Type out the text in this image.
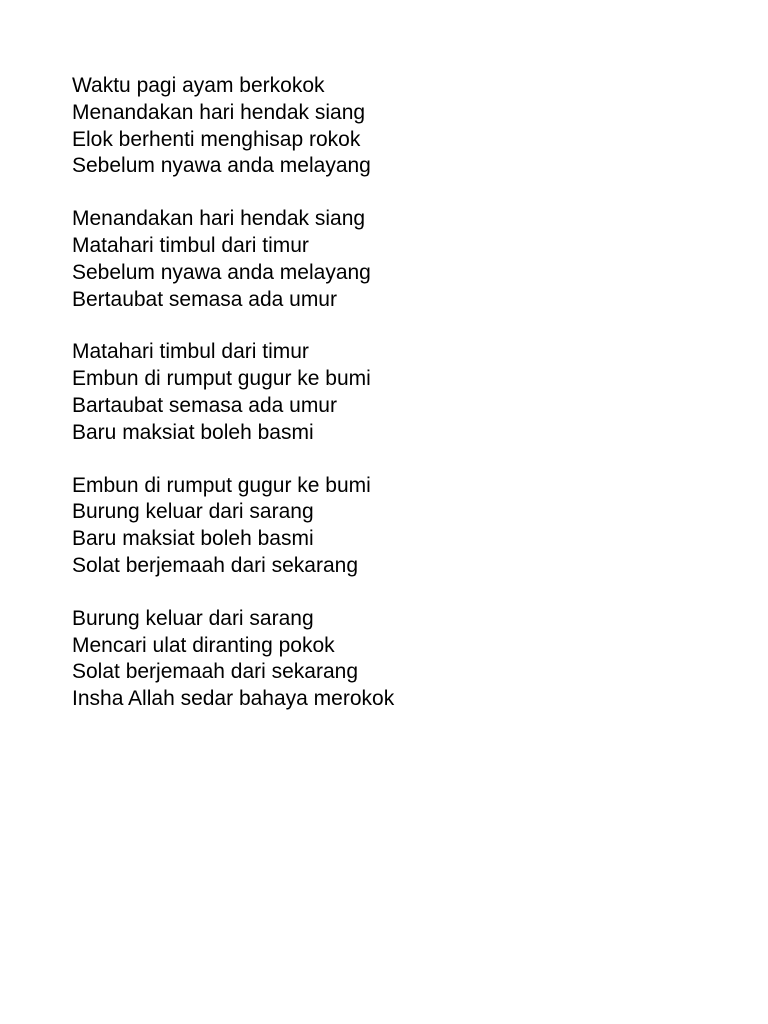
Waktu pagi ayam berkokok
Menandakan hari hendak siang
Elok berhenti menghisap rokok
Sebelum nyawa anda melayang
Menandakan hari hendak siang
Matahari timbul dari timur
Sebelum nyawa anda melayang
Bertaubat semasa ada umur
Matahari timbul dari timur
Embun di rumput gugur ke bumi
Bartaubat semasa ada umur
Baru maksiat boleh basmi
Embun di rumput gugur ke bumi
Burung keluar dari sarang
Baru maksiat boleh basmi
Solat berjemaah dari sekarang
Burung keluar dari sarang
Mencari ulat diranting pokok
Solat berjemaah dari sekarang
Insha Allah sedar bahaya merokok
